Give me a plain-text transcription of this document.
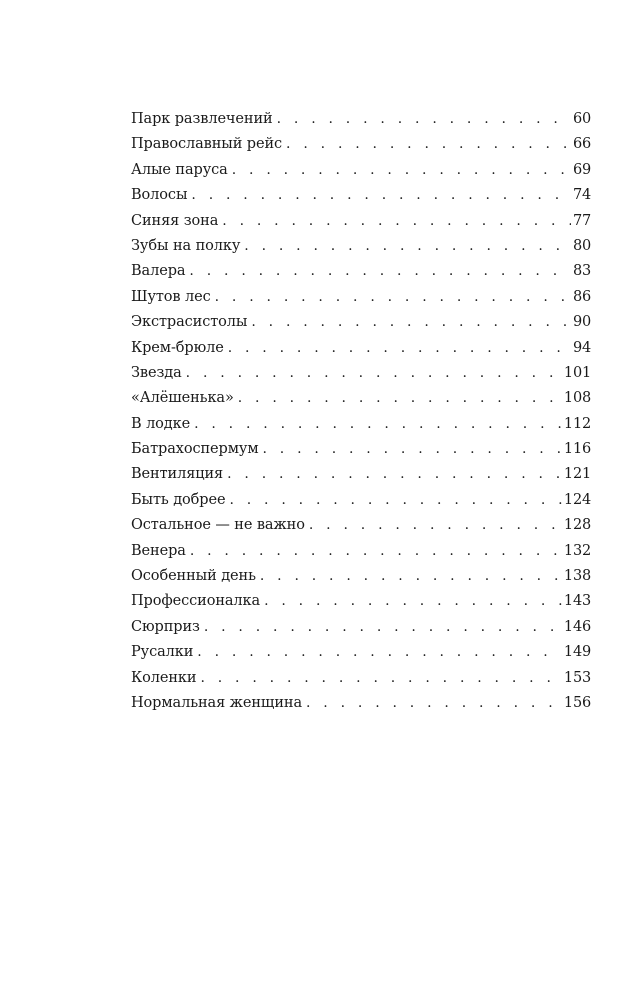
Парк развлечений . . .	60
Православный рейс . . .	66
Алые паруса . . .	69
Волосы . . .	74
Синяя зона . . .	77
Зубы на полку . . .	80
Валера . . .	83
Шутов лес . . .	86
Экстрасистолы . . .	90
Крем-брюле . . .	94
Звезда . . .	101
«Алёшенька» . . .	108
В лодке . . .	112
Батрахоспермум . . .	116
Вентиляция . . .	121
Быть добрее . . .	124
Остальное — не важно . . .	128
Венера . . .	132
Особенный день . . .	138
Профессионалка . . .	143
Сюрприз . . .	146
Русалки . . .	149
Коленки . . .	153
Нормальная женщина . . .	156
